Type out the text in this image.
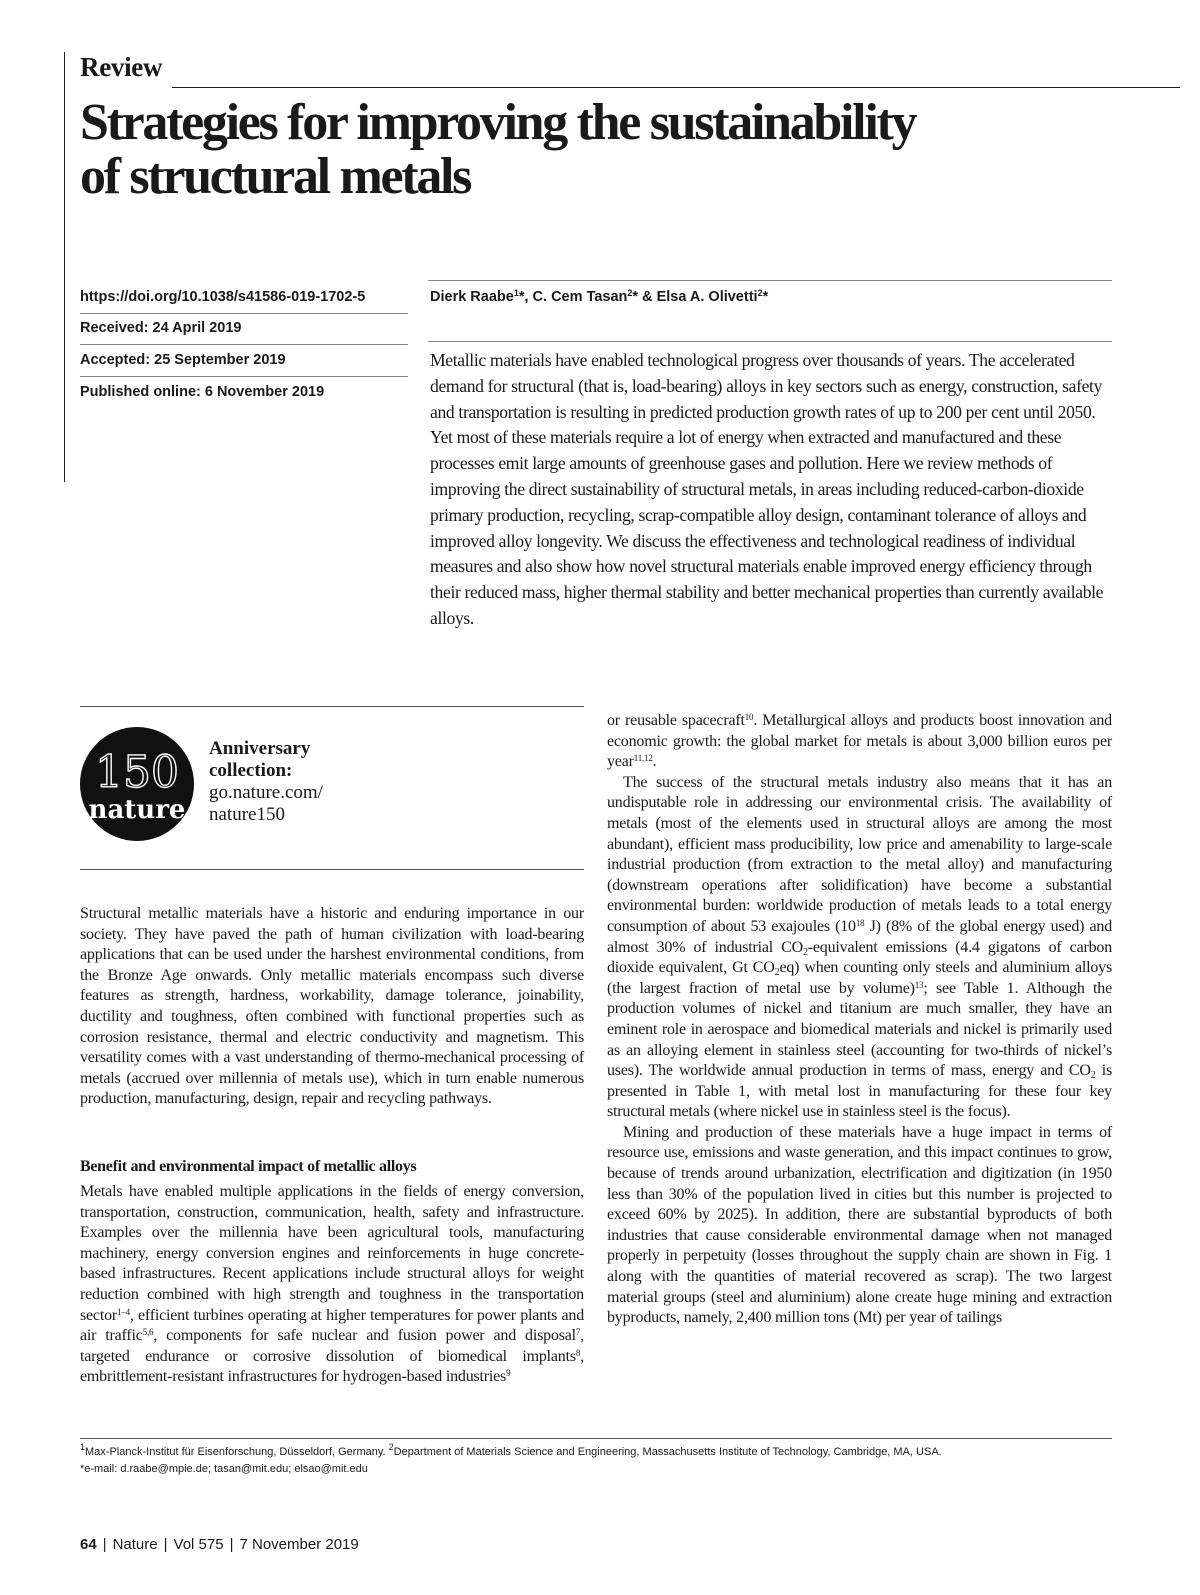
Review
Strategies for improving the sustainability
of structural metals
https://doi.org/10.1038/s41586-019-1702-5
Received: 24 April 2019
Accepted: 25 September 2019
Published online: 6 November 2019
Dierk Raabe$^1$*, C. Cem Tasan$^2$* & Elsa A. Olivetti$^2$*

Metallic materials have enabled technological progress over thousands of years. The accelerated demand for structural (that is, load-bearing) alloys in key sectors such as energy, construction, safety and transportation is resulting in predicted production growth rates of up to 200 per cent until 2050. Yet most of these materials require a lot of energy when extracted and manufactured and these processes emit large amounts of greenhouse gases and pollution. Here we review methods of improving the direct sustainability of structural metals, in areas including reduced-carbon-dioxide primary production, recycling, scrap-compatible alloy design, contaminant tolerance of alloys and improved alloy longevity. We discuss the effectiveness and technological readiness of individual measures and also show how novel structural materials enable improved energy efficiency through their reduced mass, higher thermal stability and better mechanical properties than currently available alloys.

150
nature
Anniversary
collection:
go.nature.com/
nature150

Structural metallic materials have a historic and enduring importance in our society. They have paved the path of human civilization with load-bearing applications that can be used under the harshest environmental conditions, from the Bronze Age onwards. Only metallic materials encompass such diverse features as strength, hardness, workability, damage tolerance, joinability, ductility and toughness, often combined with functional properties such as corrosion resistance, thermal and electric conductivity and magnetism. This versatility comes with a vast understanding of thermo-mechanical processing of metals (accrued over millennia of metals use), which in turn enable numerous production, manufacturing, design, repair and recycling pathways.

Benefit and environmental impact of metallic alloys

Metals have enabled multiple applications in the fields of energy conversion, transportation, construction, communication, health, safety and infrastructure. Examples over the millennia have been agricultural tools, manufacturing machinery, energy conversion engines and reinforcements in huge concrete-based infrastructures. Recent applications include structural alloys for weight reduction combined with high strength and toughness in the transportation sector$^{1-4}$, efficient turbines operating at higher temperatures for power plants and air traffic$^{5,6}$, components for safe nuclear and fusion power and disposal$^7$, targeted endurance or corrosive dissolution of biomedical implants$^8$, embrittlement-resistant infrastructures for hydrogen-based industries$^9$

or reusable spacecraft$^{10}$. Metallurgical alloys and products boost innovation and economic growth: the global market for metals is about 3,000 billion euros per year$^{11,12}$.

The success of the structural metals industry also means that it has an undisputable role in addressing our environmental crisis. The availability of metals (most of the elements used in structural alloys are among the most abundant), efficient mass producibility, low price and amenability to large-scale industrial production (from extraction to the metal alloy) and manufacturing (downstream operations after solidification) have become a substantial environmental burden: worldwide production of metals leads to a total energy consumption of about 53 exajoules ($10^{18}$ J) (8% of the global energy used) and almost 30% of industrial $CO_2$-equivalent emissions (4.4 gigatons of carbon dioxide equivalent, Gt $CO_2eq$) when counting only steels and aluminium alloys (the largest fraction of metal use by volume)$^{13}$; see Table 1. Although the production volumes of nickel and titanium are much smaller, they have an eminent role in aerospace and biomedical materials and nickel is primarily used as an alloying element in stainless steel (accounting for two-thirds of nickel’s uses). The worldwide annual production in terms of mass, energy and $CO_2$ is presented in Table 1, with metal lost in manufacturing for these four key structural metals (where nickel use in stainless steel is the focus).

Mining and production of these materials have a huge impact in terms of resource use, emissions and waste generation, and this impact continues to grow, because of trends around urbanization, electrification and digitization (in 1950 less than 30% of the population lived in cities but this number is projected to exceed 60% by 2025). In addition, there are substantial byproducts of both industries that cause considerable environmental damage when not managed properly in perpetuity (losses throughout the supply chain are shown in Fig. 1 along with the quantities of material recovered as scrap). The two largest material groups (steel and aluminium) alone create huge mining and extraction byproducts, namely, 2,400 million tons (Mt) per year of tailings

$^1$Max-Planck-Institut für Eisenforschung, Düsseldorf, Germany. $^2$Department of Materials Science and Engineering, Massachusetts Institute of Technology, Cambridge, MA, USA.
*e-mail: d.raabe@mpie.de; tasan@mit.edu; elsao@mit.edu
64 | Nature | Vol 575 | 7 November 2019
